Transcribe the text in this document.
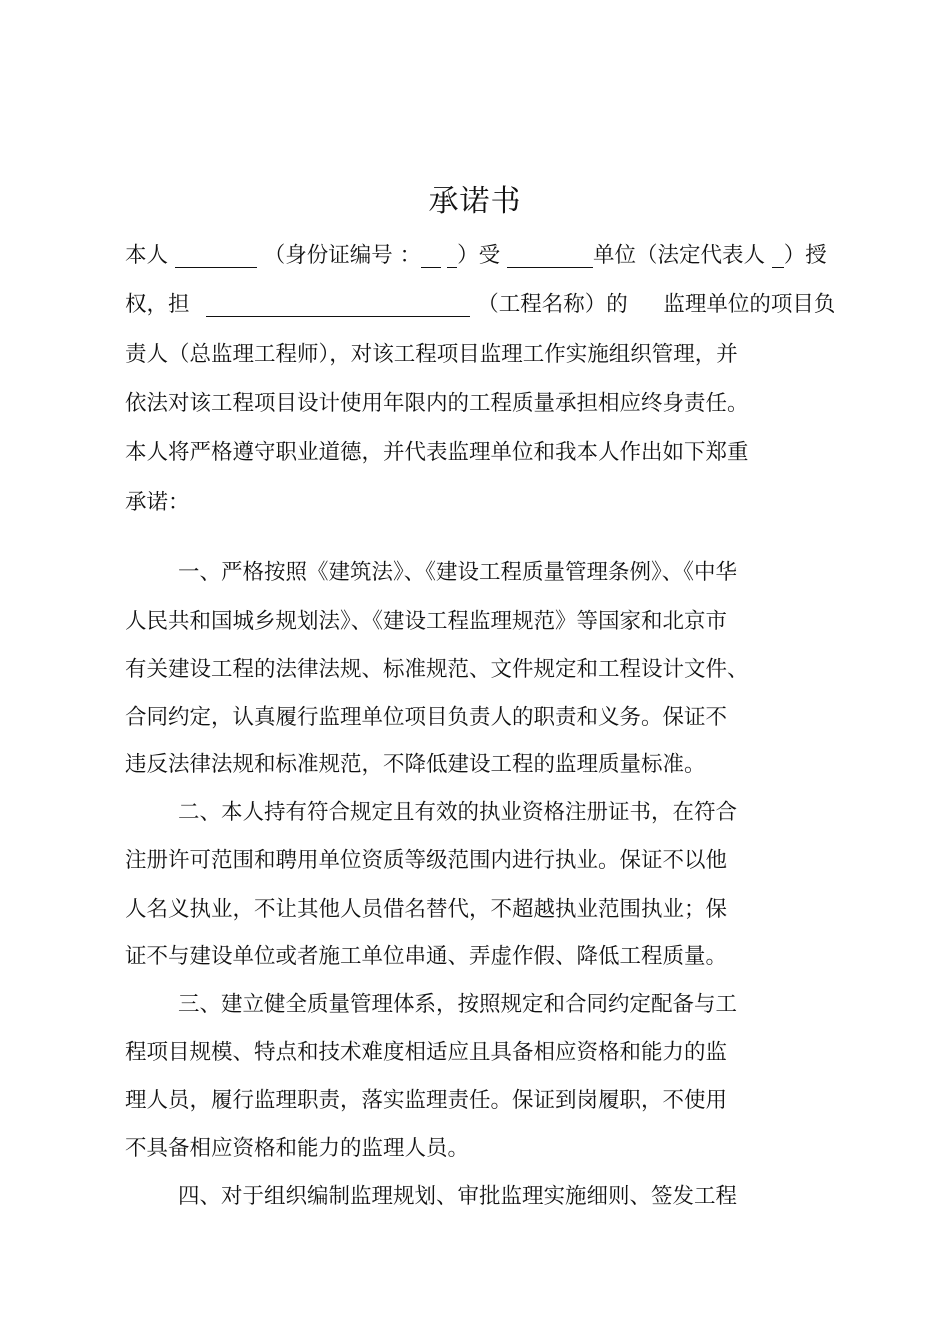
承诺书
本人	（身份证编号 ： ）受	单位（法定代表人 ）授
权，担	（工程名称）的 监理单位的项目负
责人（总监理工程师），对该工程项目监理工作实施组织管理，并
依法对该工程项目设计使用年限内的工程质量承担相应终身责任。
本人将严格遵守职业道德，并代表监理单位和我本人作出如下郑重
承诺：
一、严格按照《建筑法》、《建设工程质量管理条例》、《中华
人民共和国城乡规划法》、《建设工程监理规范》等国家和北京市
有关建设工程的法律法规、标准规范、文件规定和工程设计文件、
合同约定，认真履行监理单位项目负责人的职责和义务。保证不
违反法律法规和标准规范，不降低建设工程的监理质量标准。
二、本人持有符合规定且有效的执业资格注册证书，在符合
注册许可范围和聘用单位资质等级范围内进行执业。保证不以他
人名义执业，不让其他人员借名替代，不超越执业范围执业；保
证不与建设单位或者施工单位串通、弄虚作假、降低工程质量。
三、建立健全质量管理体系，按照规定和合同约定配备与工
程项目规模、特点和技术难度相适应且具备相应资格和能力的监
理人员，履行监理职责，落实监理责任。保证到岗履职，不使用
不具备相应资格和能力的监理人员。
四、对于组织编制监理规划、审批监理实施细则、签发工程
